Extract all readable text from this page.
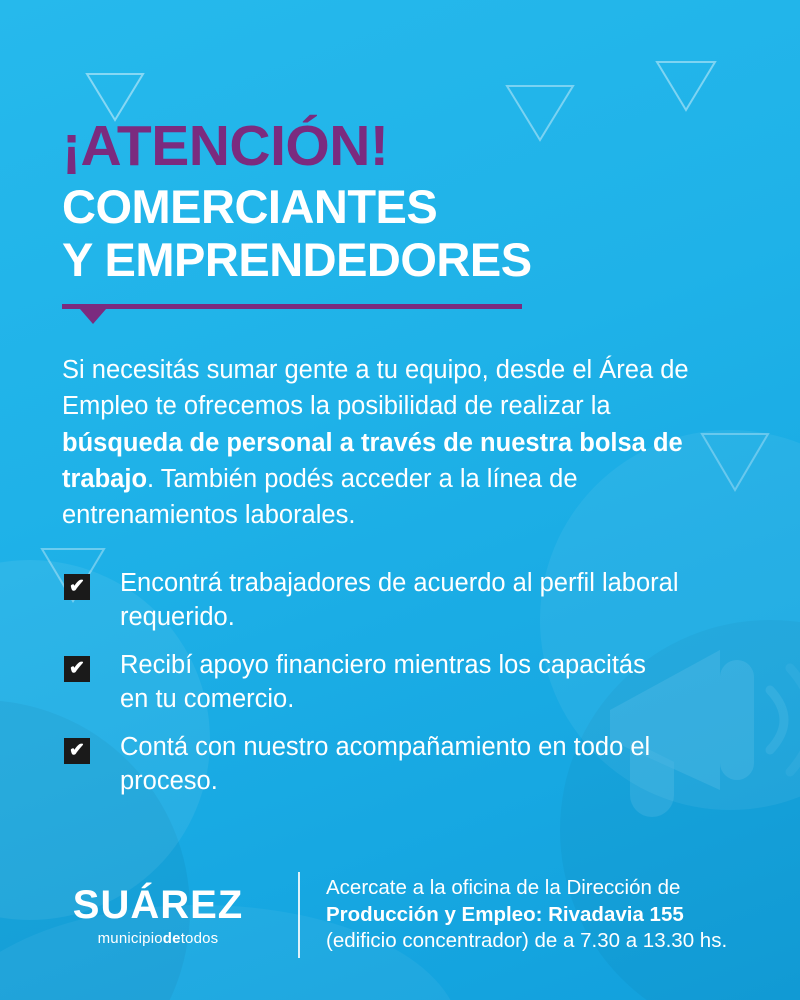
¡ATENCIÓN!
COMERCIANTES
Y EMPRENDEDORES

Si necesitás sumar gente a tu equipo, desde el Área de Empleo te ofrecemos la posibilidad de realizar la búsqueda de personal a través de nuestra bolsa de trabajo. También podés acceder a la línea de entrenamientos laborales.

✔ Encontrá trabajadores de acuerdo al perfil laboral requerido.
✔ Recibí apoyo financiero mientras los capacitás en tu comercio.
✔ Contá con nuestro acompañamiento en todo el proceso.
SUÁREZ
municipiodetodos
Acercate a la oficina de la Dirección de
Producción y Empleo: Rivadavia 155
(edificio concentrador) de a 7.30 a 13.30 hs.
